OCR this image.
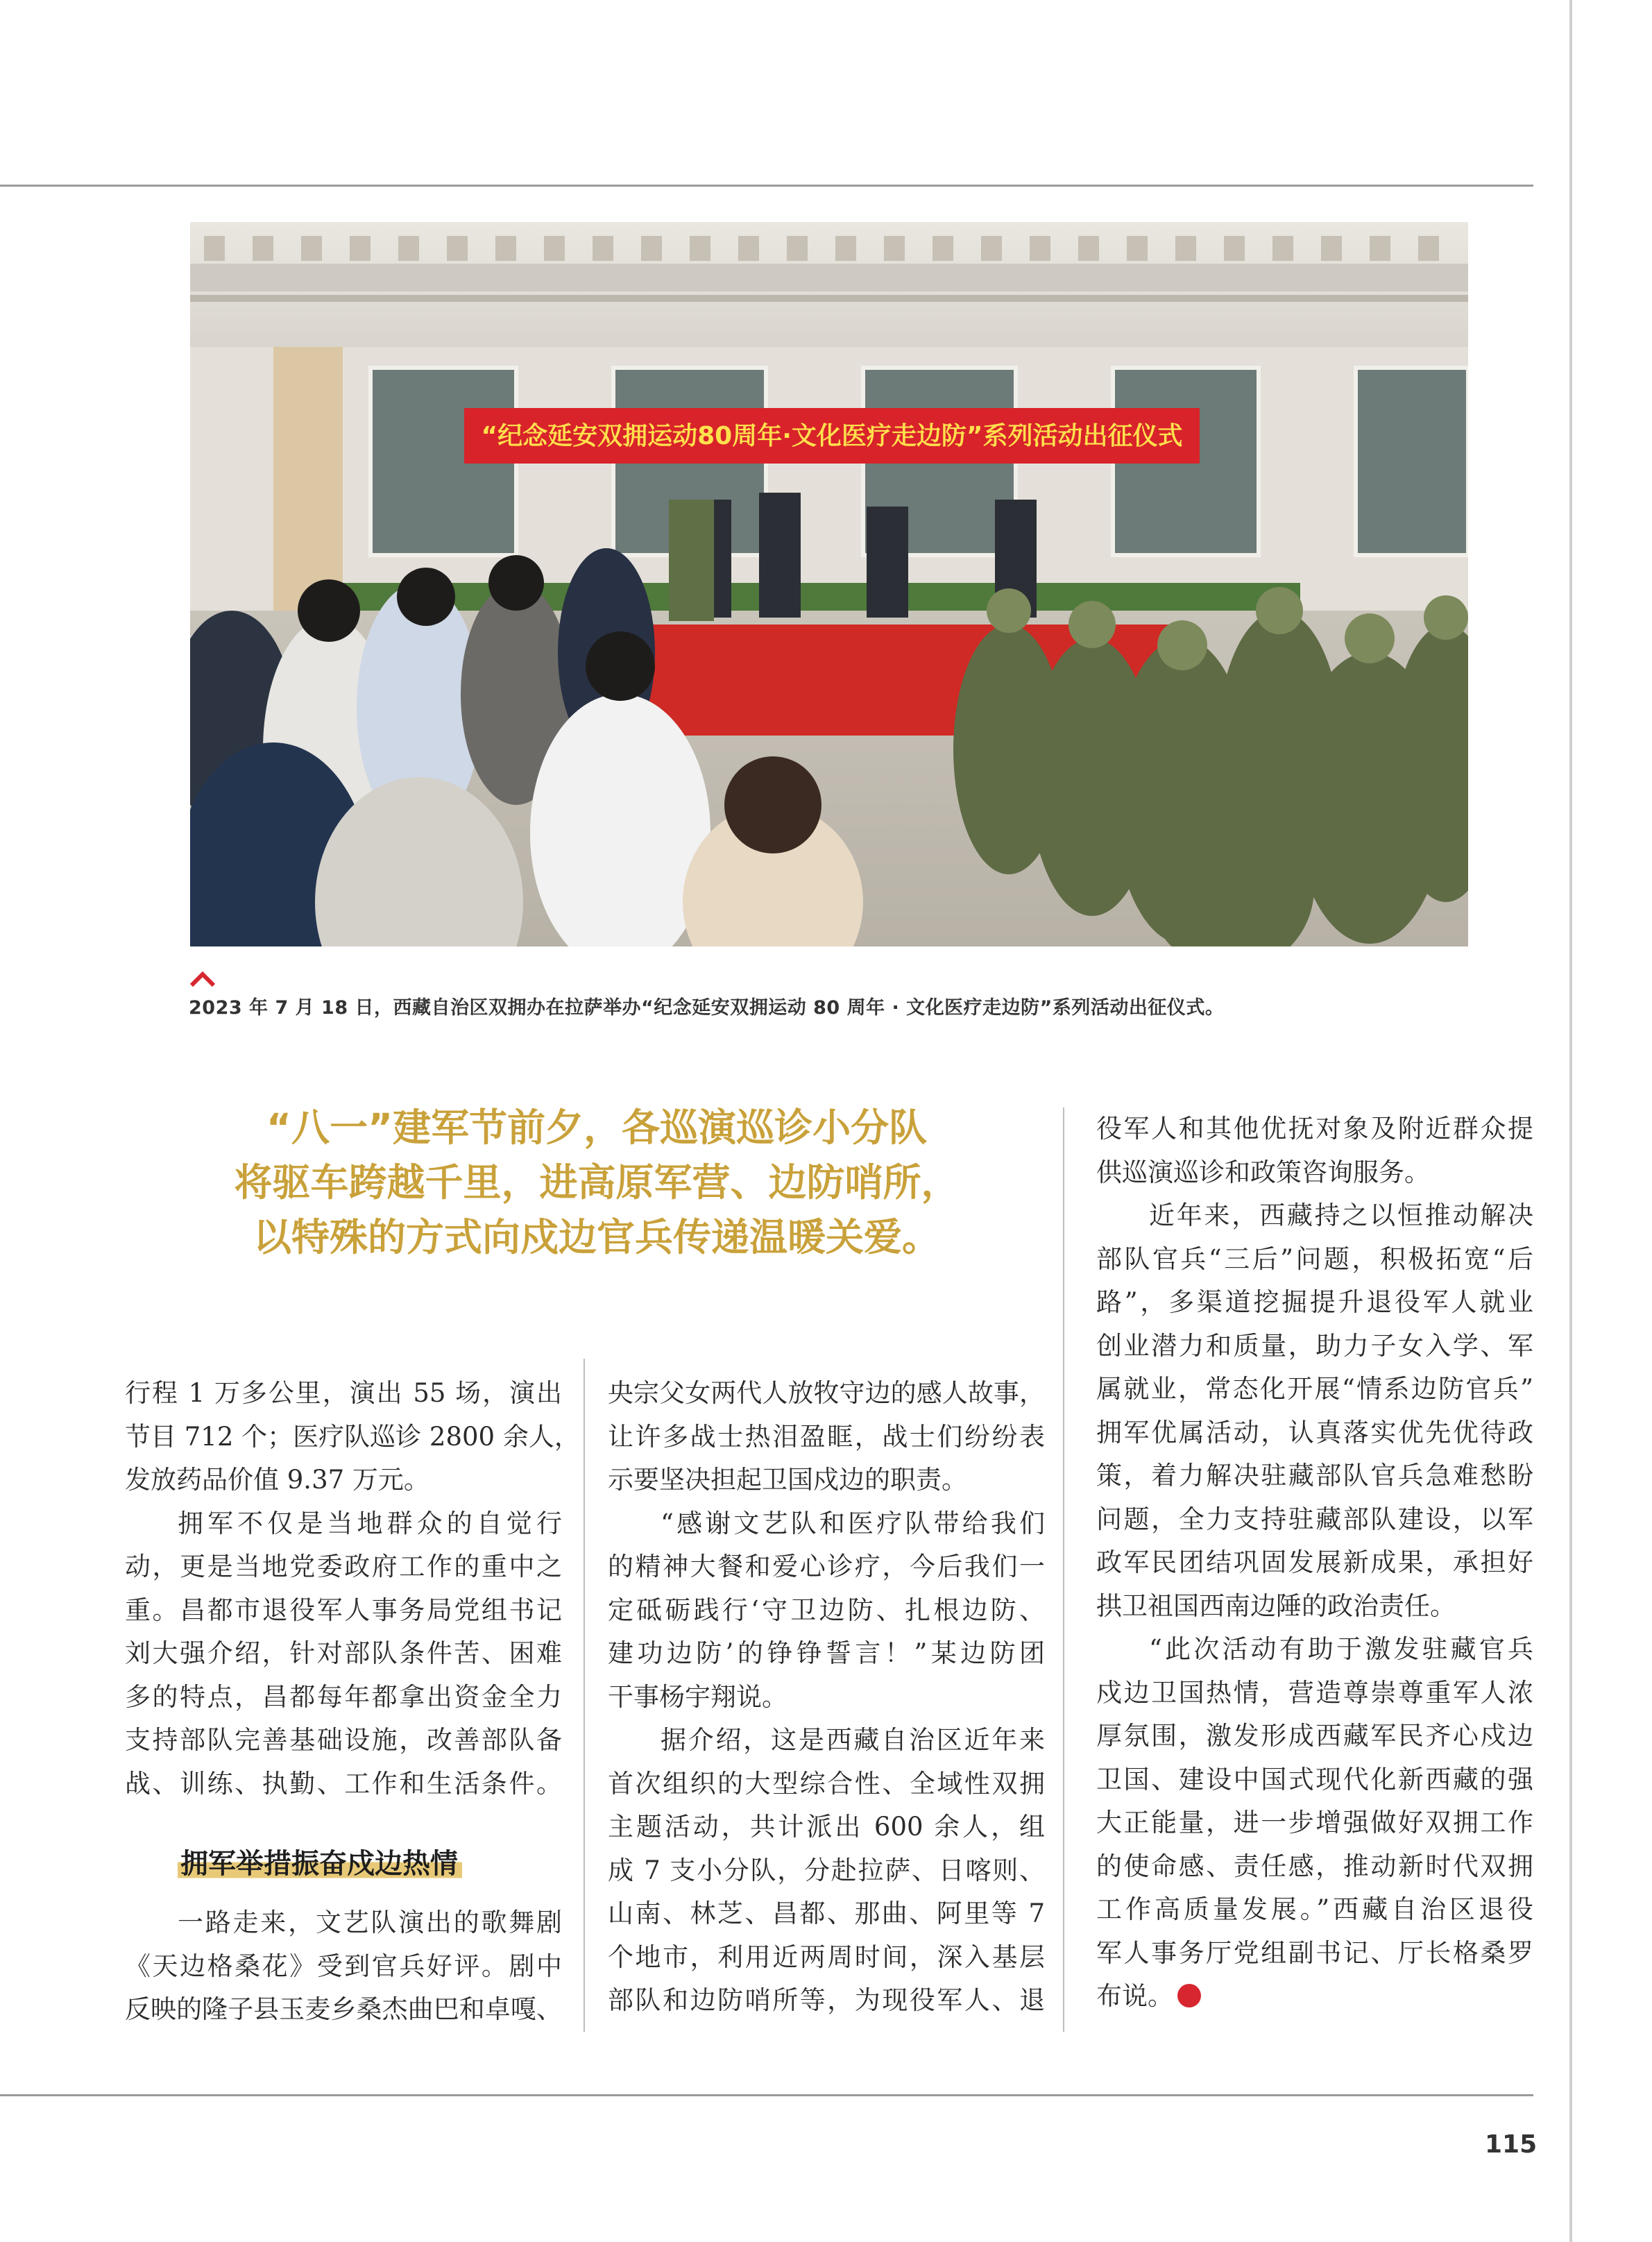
“纪念延安双拥运动80周年·文化医疗走边防”系列活动出征仪式
2023 年 7 月 18 日，西藏自治区双拥办在拉萨举办“纪念延安双拥运动 80 周年 · 文化医疗走边防”系列活动出征仪式。
“八一”建军节前夕，各巡演巡诊小分队
将驱车跨越千里，进高原军营、边防哨所，
以特殊的方式向戍边官兵传递温暖关爱。
行程 1 万多公里，演出 55 场，演出
节目 712 个；医疗队巡诊 2800 余人，
发放药品价值 9.37 万元。
拥军不仅是当地群众的自觉行
动，更是当地党委政府工作的重中之
重。昌都市退役军人事务局党组书记
刘大强介绍，针对部队条件苦、困难
多的特点，昌都每年都拿出资金全力
支持部队完善基础设施，改善部队备
战、训练、执勤、工作和生活条件。
拥军举措振奋戍边热情
一路走来，文艺队演出的歌舞剧
《天边格桑花》受到官兵好评。剧中
反映的隆子县玉麦乡桑杰曲巴和卓嘎、
央宗父女两代人放牧守边的感人故事，
让许多战士热泪盈眶，战士们纷纷表
示要坚决担起卫国戍边的职责。
“感谢文艺队和医疗队带给我们
的精神大餐和爱心诊疗，今后我们一
定砥砺践行‘守卫边防、扎根边防、
建功边防’的铮铮誓言！”某边防团
干事杨宇翔说。
据介绍，这是西藏自治区近年来
首次组织的大型综合性、全域性双拥
主题活动，共计派出 600 余人，组
成 7 支小分队，分赴拉萨、日喀则、
山南、林芝、昌都、那曲、阿里等 7
个地市，利用近两周时间，深入基层
部队和边防哨所等，为现役军人、退
役军人和其他优抚对象及附近群众提
供巡演巡诊和政策咨询服务。
近年来，西藏持之以恒推动解决
部队官兵“三后”问题，积极拓宽“后
路”，多渠道挖掘提升退役军人就业
创业潜力和质量，助力子女入学、军
属就业，常态化开展“情系边防官兵”
拥军优属活动，认真落实优先优待政
策，着力解决驻藏部队官兵急难愁盼
问题，全力支持驻藏部队建设，以军
政军民团结巩固发展新成果，承担好
拱卫祖国西南边陲的政治责任。
“此次活动有助于激发驻藏官兵
戍边卫国热情，营造尊崇尊重军人浓
厚氛围，激发形成西藏军民齐心戍边
卫国、建设中国式现代化新西藏的强
大正能量，进一步增强做好双拥工作
的使命感、责任感，推动新时代双拥
工作高质量发展。”西藏自治区退役
军人事务厅党组副书记、厅长格桑罗
布说。
115
